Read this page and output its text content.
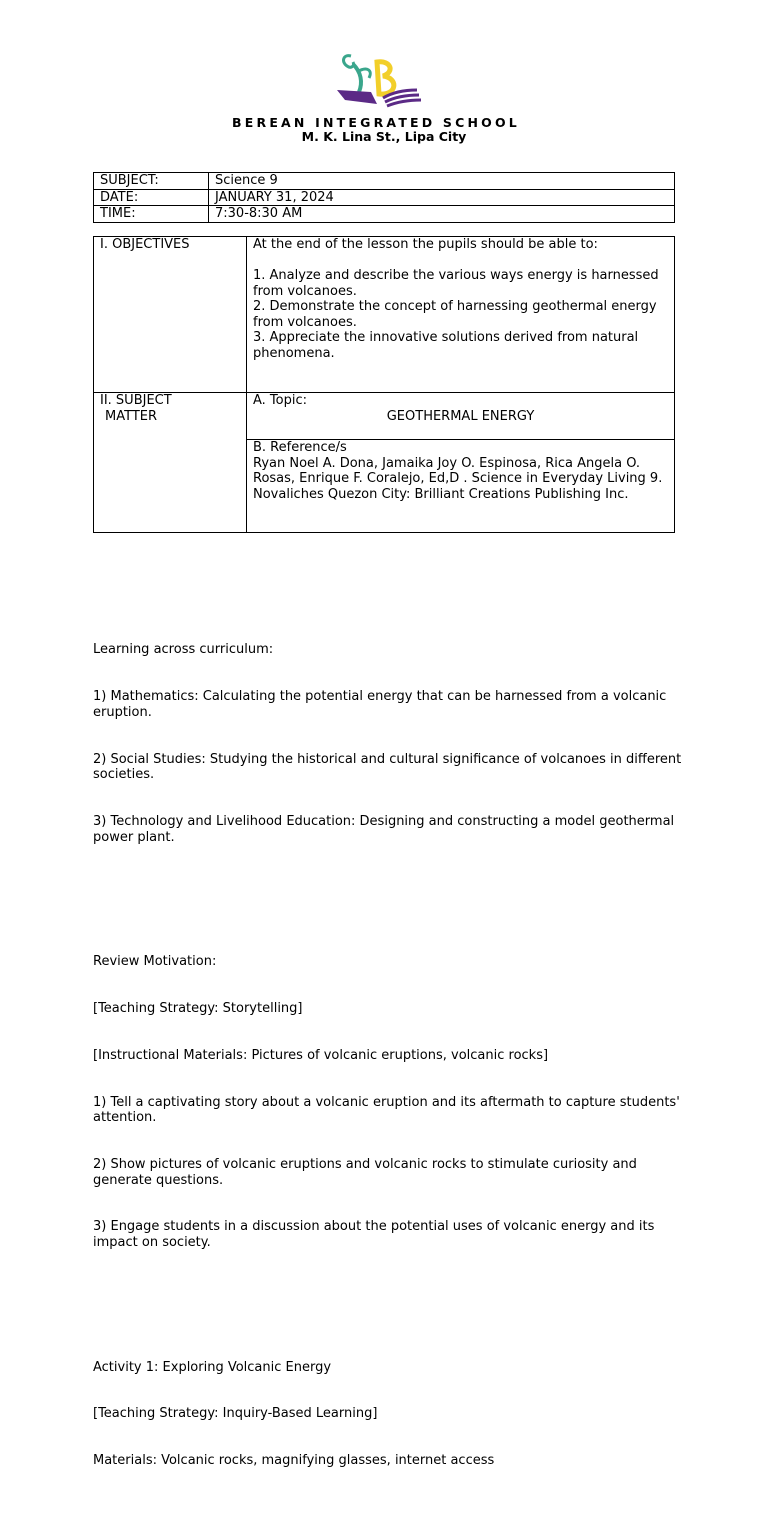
BEREAN INTEGRATED SCHOOL
M. K. Lina St., Lipa City
SUBJECT:	Science 9
DATE:	JANUARY 31, 2024
TIME:	7:30-8:30 AM
I. OBJECTIVES	At the end of the lesson the pupils should be able to:
1. Analyze and describe the various ways energy is harnessed from volcanoes.
2. Demonstrate the concept of harnessing geothermal energy from volcanoes.
3. Appreciate the innovative solutions derived from natural phenomena.

II. SUBJECT
MATTER	A. Topic:
GEOTHERMAL ENERGY

	B. Reference/s
Ryan Noel A. Dona, Jamaika Joy O. Espinosa, Rica Angela O. Rosas, Enrique F. Coralejo, Ed,D . Science in Everyday Living 9. Novaliches Quezon City: Brilliant Creations Publishing Inc.

Learning across curriculum:

1) Mathematics: Calculating the potential energy that can be harnessed from a volcanic eruption.

2) Social Studies: Studying the historical and cultural significance of volcanoes in different societies.

3) Technology and Livelihood Education: Designing and constructing a model geothermal power plant.

Review Motivation:

[Teaching Strategy: Storytelling]

[Instructional Materials: Pictures of volcanic eruptions, volcanic rocks]

1) Tell a captivating story about a volcanic eruption and its aftermath to capture students' attention.

2) Show pictures of volcanic eruptions and volcanic rocks to stimulate curiosity and generate questions.

3) Engage students in a discussion about the potential uses of volcanic energy and its impact on society.

Activity 1: Exploring Volcanic Energy

[Teaching Strategy: Inquiry-Based Learning]

Materials: Volcanic rocks, magnifying glasses, internet access
